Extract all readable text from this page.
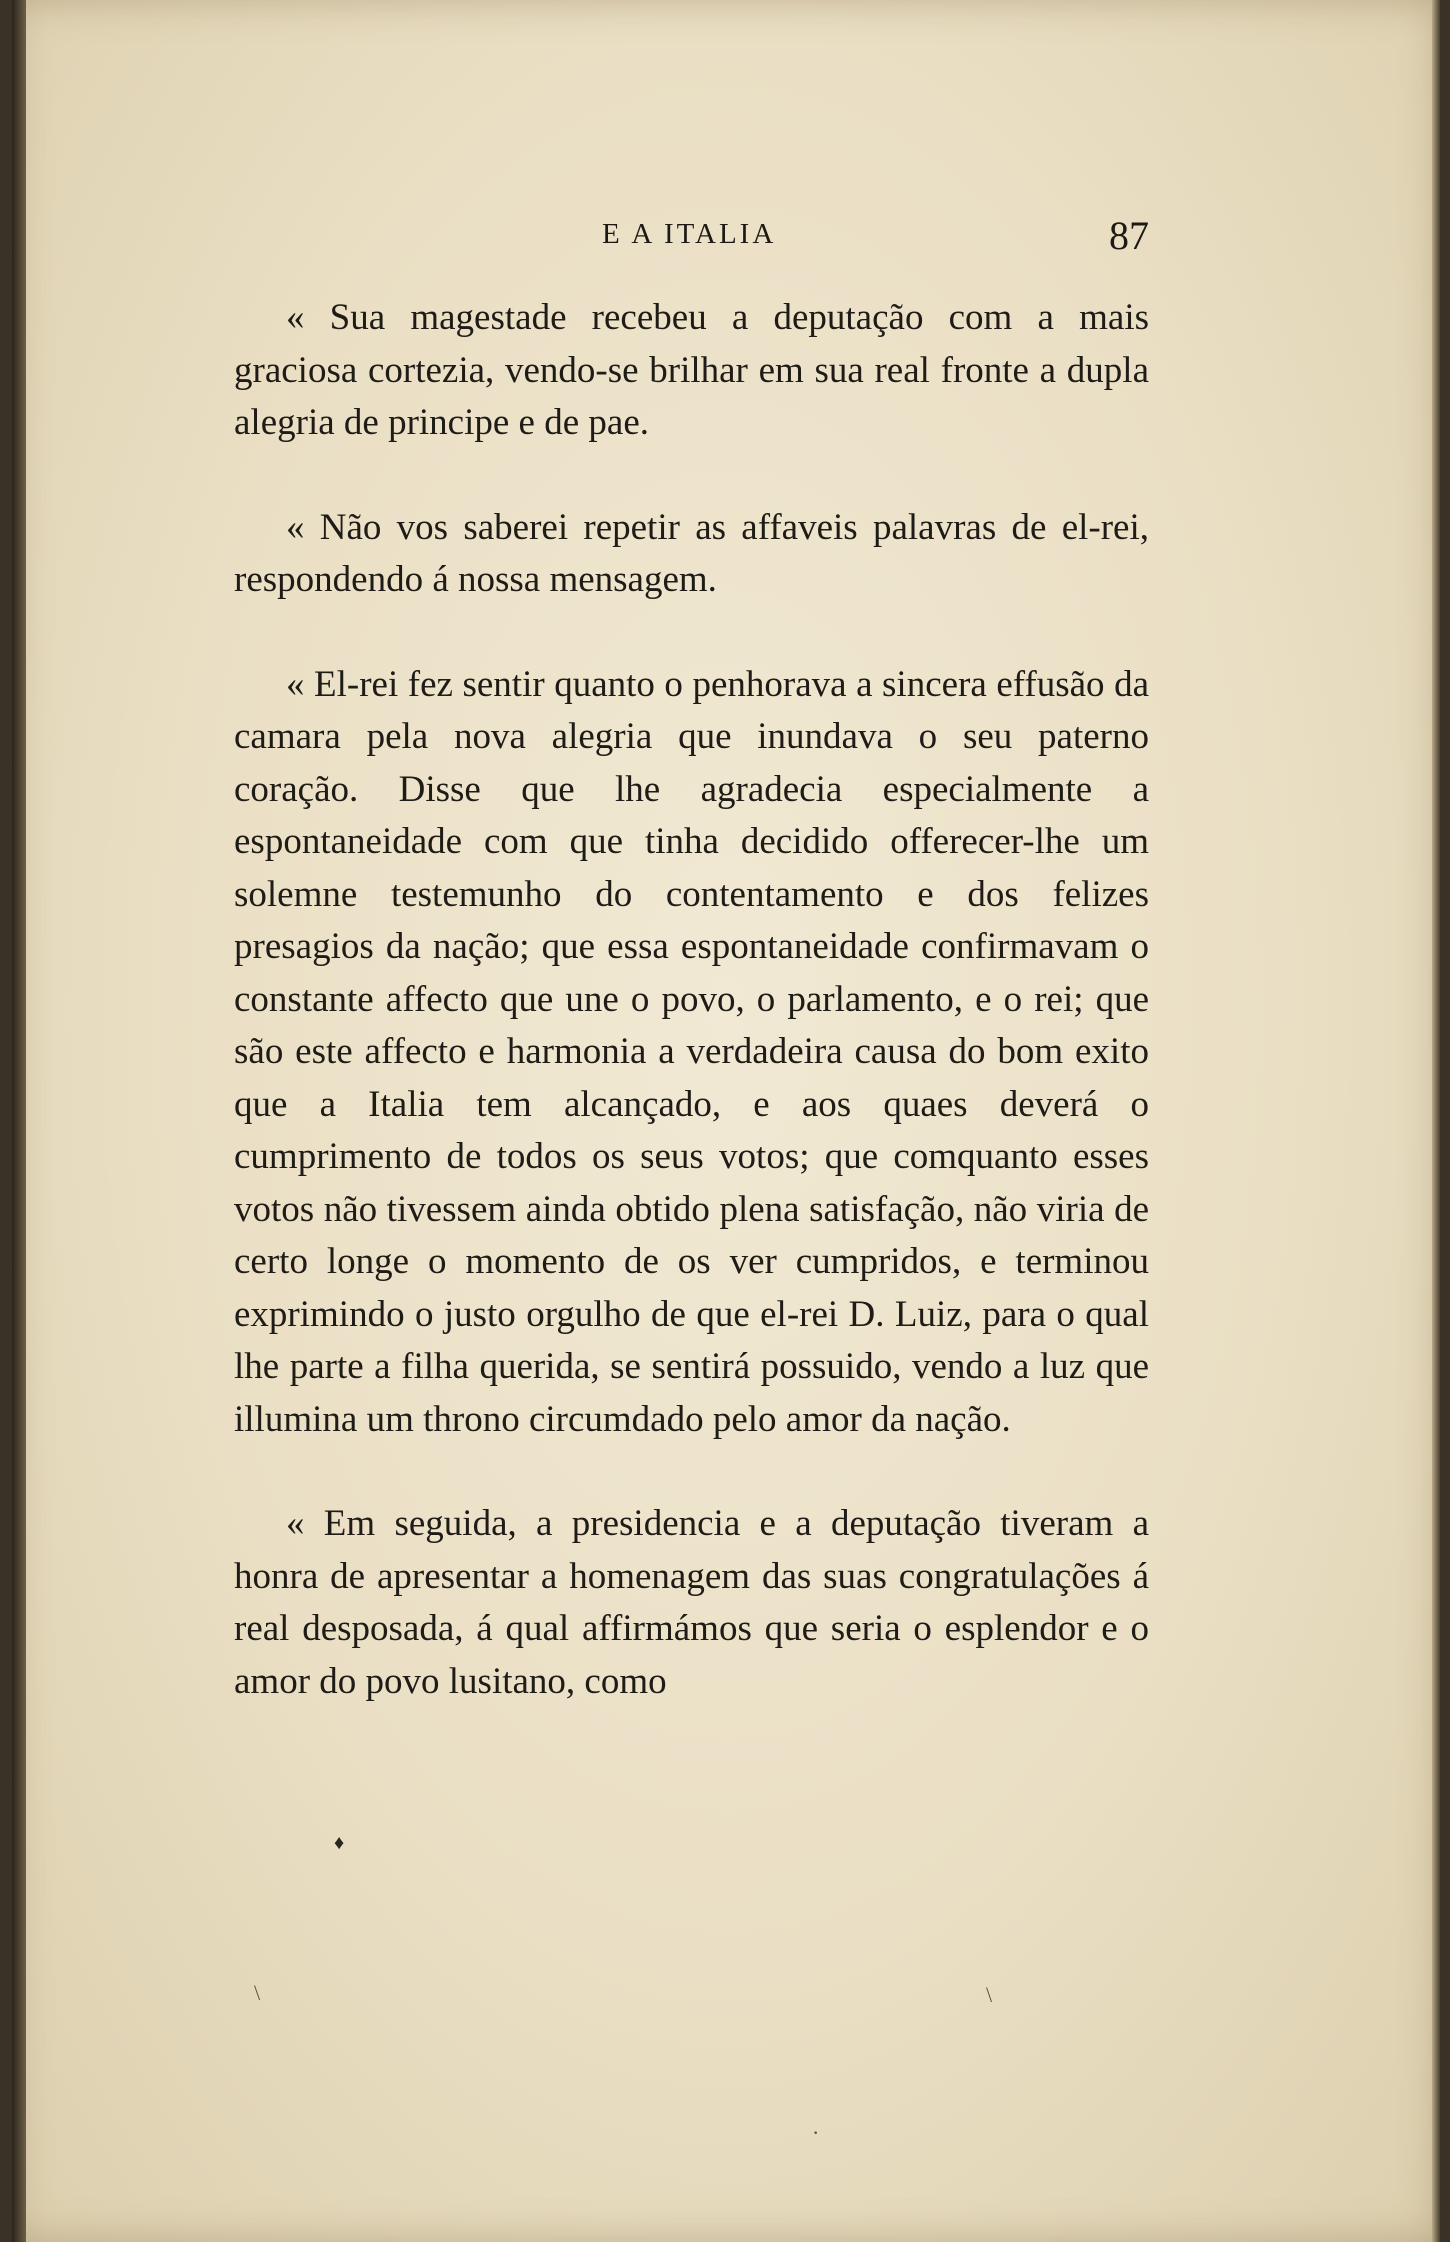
E A ITALIA	87

« Sua magestade recebeu a deputação com a mais graciosa cortezia, vendo-se brilhar em sua real fronte a dupla alegria de principe e de pae.

« Não vos saberei repetir as affaveis palavras de el-rei, respondendo á nossa mensagem.

« El-rei fez sentir quanto o penhorava a sincera effusão da camara pela nova alegria que inundava o seu paterno coração. Disse que lhe agradecia especialmente a espontaneidade com que tinha decidido offerecer-lhe um solemne testemunho do contentamento e dos felizes presagios da nação; que essa espontaneidade confirmavam o constante affecto que une o povo, o parlamento, e o rei; que são este affecto e harmonia a verdadeira causa do bom exito que a Italia tem alcançado, e aos quaes deverá o cumprimento de todos os seus votos; que comquanto esses votos não tivessem ainda obtido plena satisfação, não viria de certo longe o momento de os ver cumpridos, e terminou exprimindo o justo orgulho de que el-rei D. Luiz, para o qual lhe parte a filha querida, se sentirá possuido, vendo a luz que illumina um throno circumdado pelo amor da nação.

« Em seguida, a presidencia e a deputação tiveram a honra de apresentar a homenagem das suas congratulações á real desposada, á qual affirmámos que seria o esplendor e o amor do povo lusitano, como

♦
\	\
·
